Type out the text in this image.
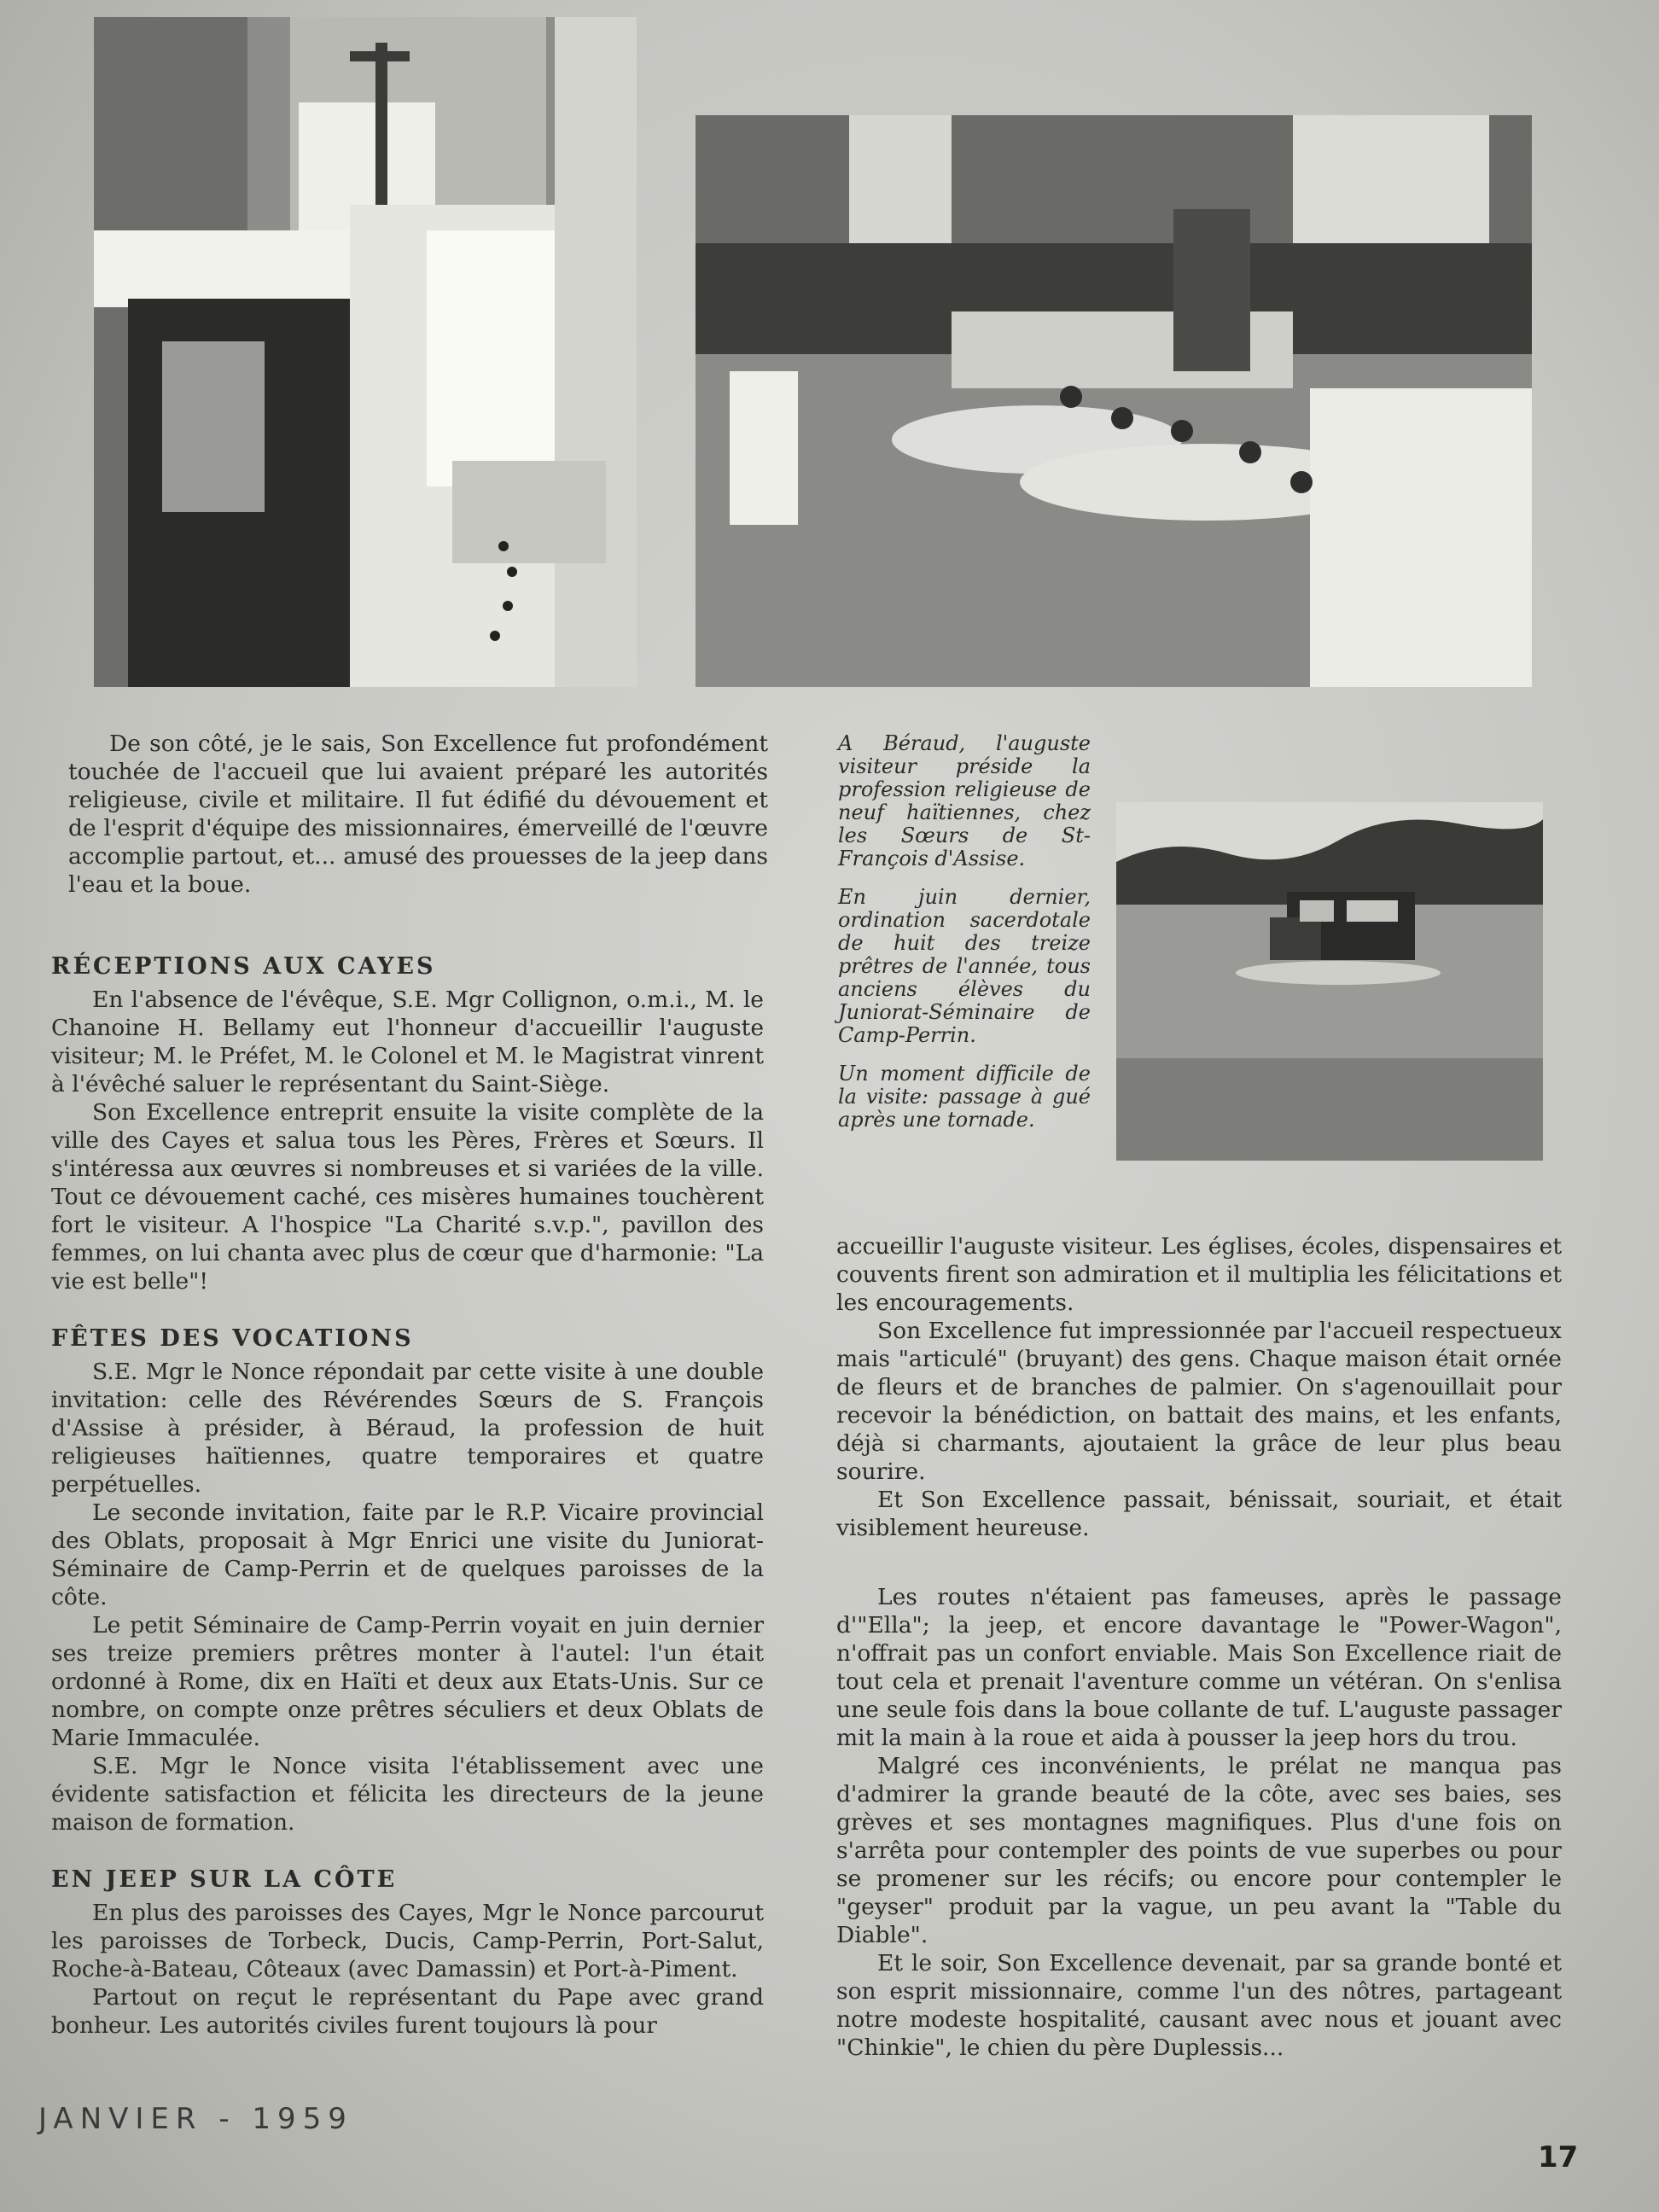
De son côté, je le sais, Son Excellence fut profondément touchée de l'accueil que lui avaient préparé les autorités religieuse, civile et militaire. Il fut édifié du dévouement et de l'esprit d'équipe des missionnaires, émerveillé de l'œuvre accomplie partout, et... amusé des prouesses de la jeep dans l'eau et la boue.

RÉCEPTIONS AUX CAYES

En l'absence de l'évêque, S.E. Mgr Collignon, o.m.i., M. le Chanoine H. Bellamy eut l'honneur d'accueillir l'auguste visiteur; M. le Préfet, M. le Colonel et M. le Magistrat vinrent à l'évêché saluer le représentant du Saint-Siège.

Son Excellence entreprit ensuite la visite complète de la ville des Cayes et salua tous les Pères, Frères et Sœurs. Il s'intéressa aux œuvres si nombreuses et si variées de la ville. Tout ce dévouement caché, ces misères humaines touchèrent fort le visiteur. A l'hospice "La Charité s.v.p.", pavillon des femmes, on lui chanta avec plus de cœur que d'harmonie: "La vie est belle"!

FÊTES DES VOCATIONS

S.E. Mgr le Nonce répondait par cette visite à une double invitation: celle des Révérendes Sœurs de S. François d'Assise à présider, à Béraud, la profession de huit religieuses haïtiennes, quatre temporaires et quatre perpétuelles.

Le seconde invitation, faite par le R.P. Vicaire provincial des Oblats, proposait à Mgr Enrici une visite du Juniorat-Séminaire de Camp-Perrin et de quelques paroisses de la côte.

Le petit Séminaire de Camp-Perrin voyait en juin dernier ses treize premiers prêtres monter à l'autel: l'un était ordonné à Rome, dix en Haïti et deux aux Etats-Unis. Sur ce nombre, on compte onze prêtres séculiers et deux Oblats de Marie Immaculée.

S.E. Mgr le Nonce visita l'établissement avec une évidente satisfaction et félicita les directeurs de la jeune maison de formation.

EN JEEP SUR LA CÔTE

En plus des paroisses des Cayes, Mgr le Nonce parcourut les paroisses de Torbeck, Ducis, Camp-Perrin, Port-Salut, Roche-à-Bateau, Côteaux (avec Damassin) et Port-à-Piment.

Partout on reçut le représentant du Pape avec grand bonheur. Les autorités civiles furent toujours là pour

A Béraud, l'auguste visiteur préside la profession religieuse de neuf haïtiennes, chez les Sœurs de St-François d'Assise.

En juin dernier, ordination sacerdotale de huit des treize prêtres de l'année, tous anciens élèves du Juniorat-Séminaire de Camp-Perrin.

Un moment difficile de la visite: passage à gué après une tornade.

accueillir l'auguste visiteur. Les églises, écoles, dispensaires et couvents firent son admiration et il multiplia les félicitations et les encouragements.

Son Excellence fut impressionnée par l'accueil respectueux mais "articulé" (bruyant) des gens. Chaque maison était ornée de fleurs et de branches de palmier. On s'agenouillait pour recevoir la bénédiction, on battait des mains, et les enfants, déjà si charmants, ajoutaient la grâce de leur plus beau sourire.

Et Son Excellence passait, bénissait, souriait, et était visiblement heureuse.

Les routes n'étaient pas fameuses, après le passage d'"Ella"; la jeep, et encore davantage le "Power-Wagon", n'offrait pas un confort enviable. Mais Son Excellence riait de tout cela et prenait l'aventure comme un vétéran. On s'enlisa une seule fois dans la boue collante de tuf. L'auguste passager mit la main à la roue et aida à pousser la jeep hors du trou.

Malgré ces inconvénients, le prélat ne manqua pas d'admirer la grande beauté de la côte, avec ses baies, ses grèves et ses montagnes magnifiques. Plus d'une fois on s'arrêta pour contempler des points de vue superbes ou pour se promener sur les récifs; ou encore pour contempler le "geyser" produit par la vague, un peu avant la "Table du Diable".

Et le soir, Son Excellence devenait, par sa grande bonté et son esprit missionnaire, comme l'un des nôtres, partageant notre modeste hospitalité, causant avec nous et jouant avec "Chinkie", le chien du père Duplessis...

JANVIER - 1959
17
